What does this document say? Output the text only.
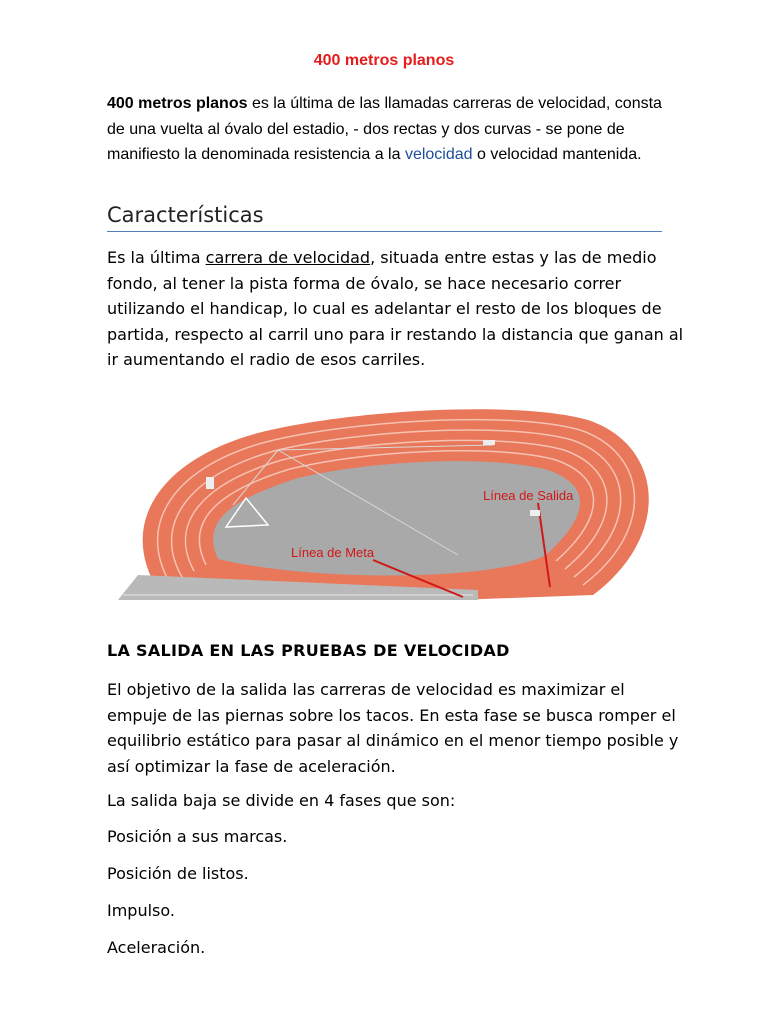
400 metros planos
400 metros planos es la última de las llamadas carreras de velocidad, consta de una vuelta al óvalo del estadio, - dos rectas y dos curvas - se pone de manifiesto la denominada resistencia a la velocidad o velocidad mantenida.
Características
Es la última carrera de velocidad, situada entre estas y las de medio fondo, al tener la pista forma de óvalo, se hace necesario correr utilizando el handicap, lo cual es adelantar el resto de los bloques de partida, respecto al carril uno para ir restando la distancia que ganan al ir aumentando el radio de esos carriles.
Línea de Salida
Línea de Meta
LA SALIDA EN LAS PRUEBAS DE VELOCIDAD
El objetivo de la salida las carreras de velocidad es maximizar el empuje de las piernas sobre los tacos. En esta fase se busca romper el equilibrio estático para pasar al dinámico en el menor tiempo posible y así optimizar la fase de aceleración.
La salida baja se divide en 4 fases que son:
Posición a sus marcas.
Posición de listos.
Impulso.
Aceleración.
